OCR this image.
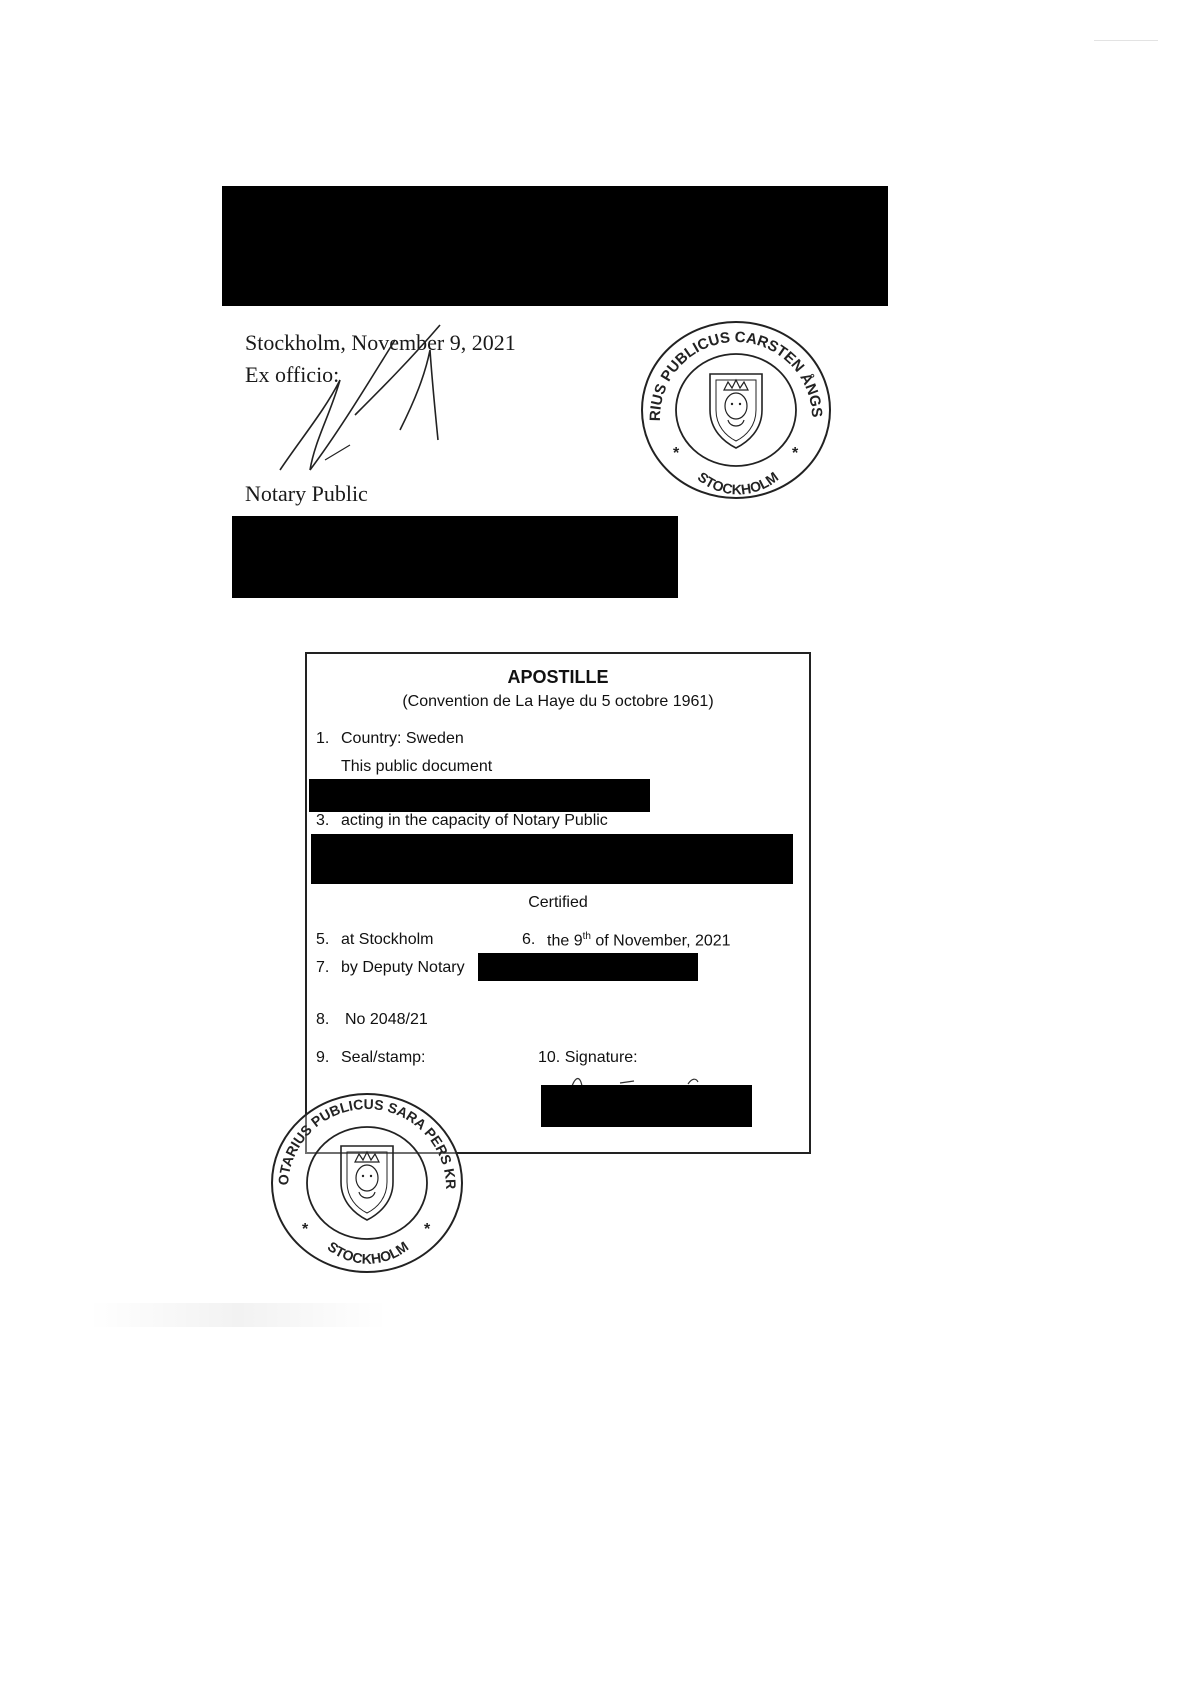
Stockholm, November 9, 2021
Ex officio:
Notary Public
RIUS PUBLICUS CARSTEN ÅNGS
STOCKHOLM
*	*
APOSTILLE
(Convention de La Haye du 5 octobre 1961)
1. Country: Sweden
This public document
3. acting in the capacity of Notary Public
Certified
5. at Stockholm	6. the 9th of November, 2021
7. by Deputy Notary
8. No 2048/21
9. Seal/stamp:	10. Signature:
OTARIUS PUBLICUS SARA PERS KR
STOCKHOLM
*	*
